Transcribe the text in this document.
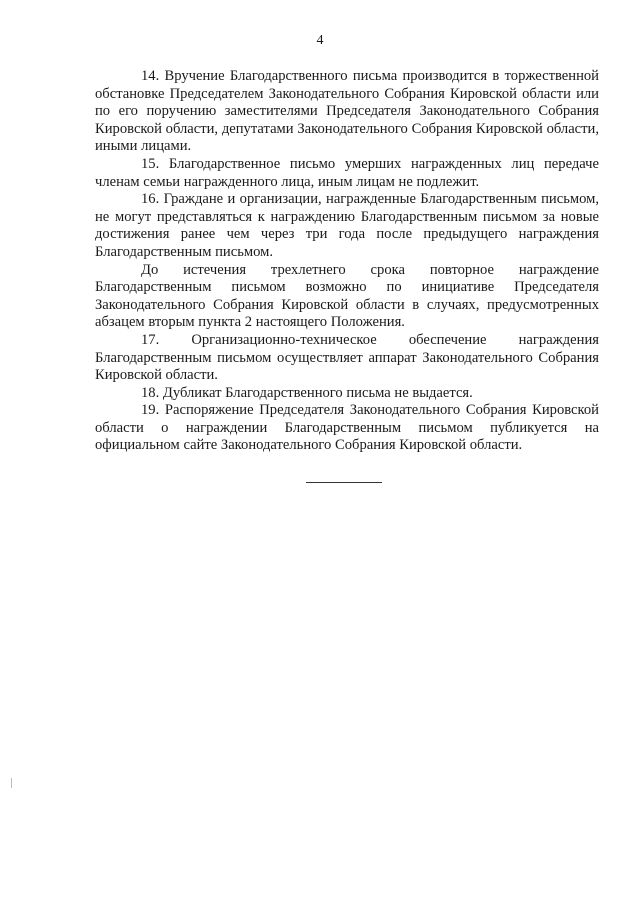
4

14. Вручение Благодарственного письма производится в торжественной обстановке Председателем Законодательного Собрания Кировской области или по его поручению заместителями Председателя Законодательного Собрания Кировской области, депутатами Законодательного Собрания Кировской области, иными лицами.

15. Благодарственное письмо умерших награжденных лиц передаче членам семьи награжденного лица, иным лицам не подлежит.

16. Граждане и организации, награжденные Благодарственным письмом, не могут представляться к награждению Благодарственным письмом за новые достижения ранее чем через три года после предыдущего награждения Благодарственным письмом.

До истечения трехлетнего срока повторное награждение Благодарственным письмом возможно по инициативе Председателя Законодательного Собрания Кировской области в случаях, предусмотренных абзацем вторым пункта 2 настоящего Положения.

17. Организационно-техническое обеспечение награждения Благодарственным письмом осуществляет аппарат Законодательного Собрания Кировской области.

18. Дубликат Благодарственного письма не выдается.

19. Распоряжение Председателя Законодательного Собрания Кировской области о награждении Благодарственным письмом публикуется на официальном сайте Законодательного Собрания Кировской области.
